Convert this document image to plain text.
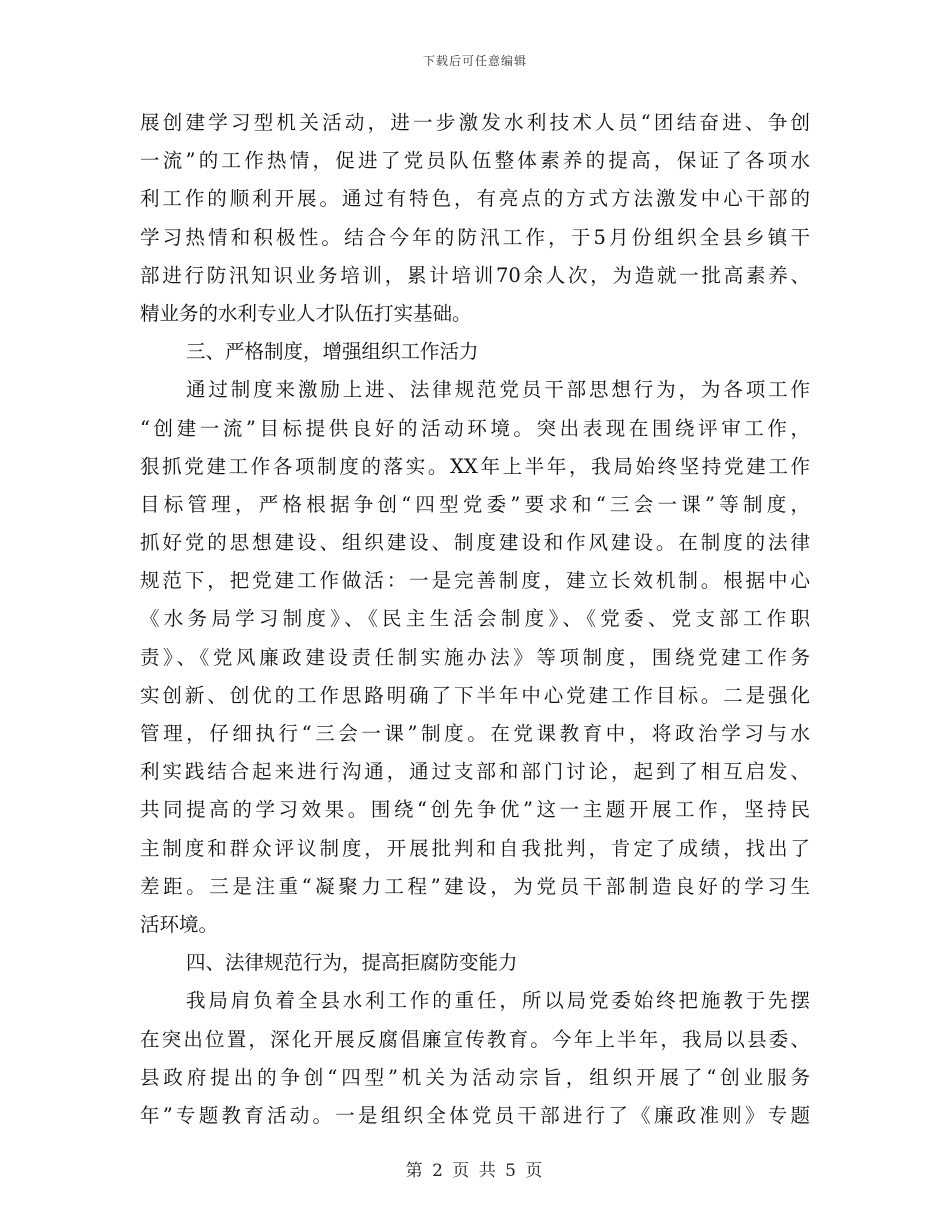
下载后可任意编辑
展创建学习型机关活动，进一步激发水利技术人员“团结奋进、争创
一流”的工作热情，促进了党员队伍整体素养的提高，保证了各项水
利工作的顺利开展。通过有特色，有亮点的方式方法激发中心干部的
学习热情和积极性。结合今年的防汛工作，于5月份组织全县乡镇干
部进行防汛知识业务培训，累计培训70余人次，为造就一批高素养、
精业务的水利专业人才队伍打实基础。
三、严格制度，增强组织工作活力
通过制度来激励上进、法律规范党员干部思想行为，为各项工作
“创建一流”目标提供良好的活动环境。突出表现在围绕评审工作，
狠抓党建工作各项制度的落实。XX年上半年，我局始终坚持党建工作
目标管理，严格根据争创“四型党委”要求和“三会一课”等制度，
抓好党的思想建设、组织建设、制度建设和作风建设。在制度的法律
规范下，把党建工作做活：一是完善制度，建立长效机制。根据中心
《水务局学习制度》、《民主生活会制度》、《党委、党支部工作职
责》、《党风廉政建设责任制实施办法》等项制度，围绕党建工作务
实创新、创优的工作思路明确了下半年中心党建工作目标。二是强化
管理，仔细执行“三会一课”制度。在党课教育中，将政治学习与水
利实践结合起来进行沟通，通过支部和部门讨论，起到了相互启发、
共同提高的学习效果。围绕“创先争优”这一主题开展工作，坚持民
主制度和群众评议制度，开展批判和自我批判，肯定了成绩，找出了
差距。三是注重“凝聚力工程”建设，为党员干部制造良好的学习生
活环境。
四、法律规范行为，提高拒腐防变能力
我局肩负着全县水利工作的重任，所以局党委始终把施教于先摆
在突出位置，深化开展反腐倡廉宣传教育。今年上半年，我局以县委、
县政府提出的争创“四型”机关为活动宗旨，组织开展了“创业服务
年”专题教育活动。一是组织全体党员干部进行了《廉政准则》专题
第 2 页 共 5 页
